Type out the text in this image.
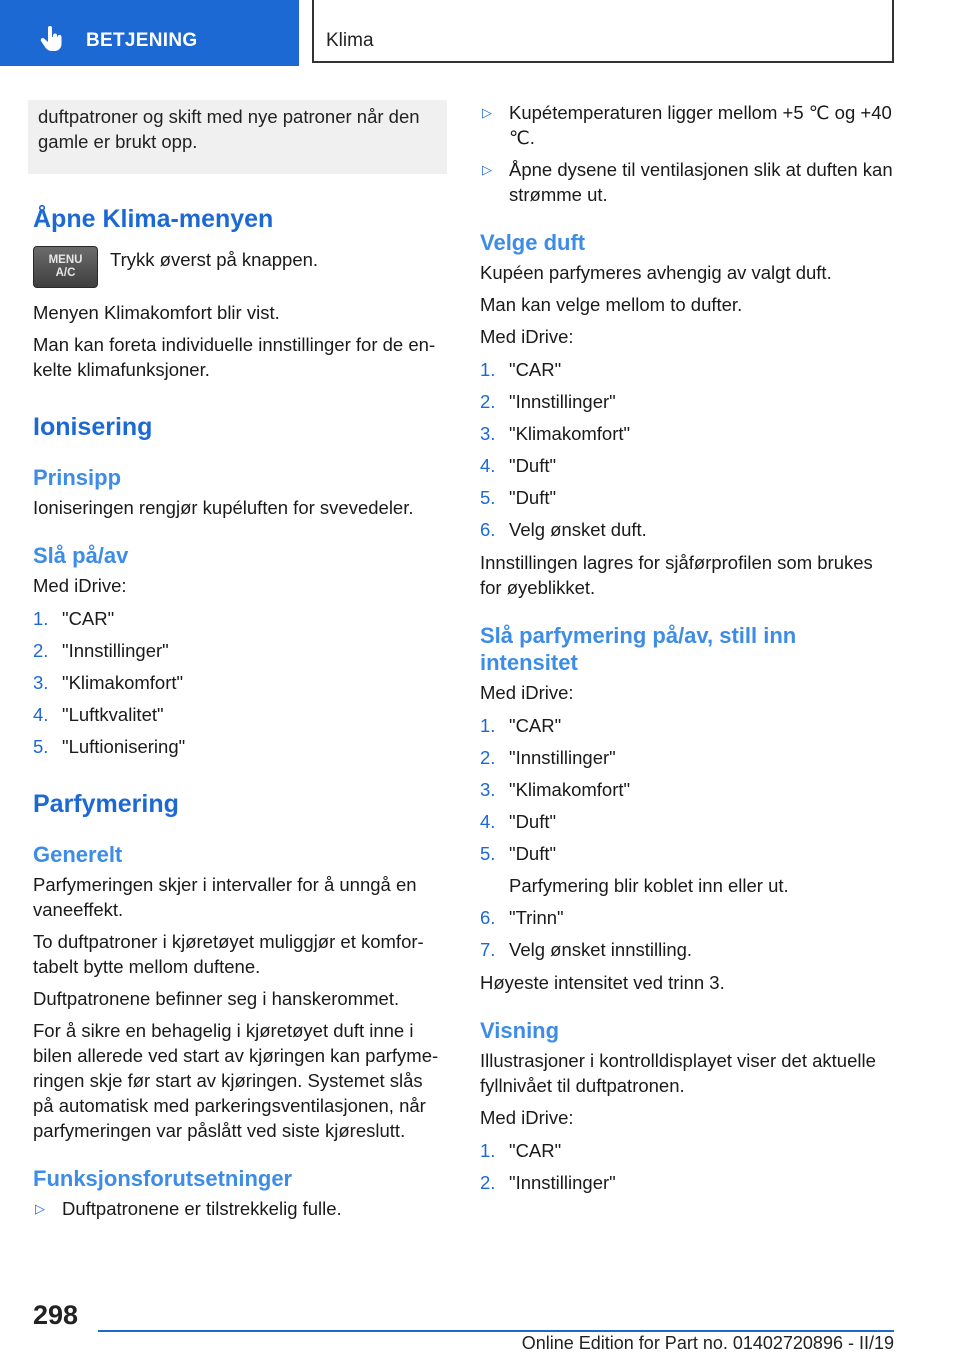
BETJENING	Klima
duftpatroner og skift med nye patroner når den gamle er brukt opp.
Åpne Klima-menyen
MENU
A/C
Trykk øverst på knappen.

Menyen Klimakomfort blir vist.

Man kan foreta individuelle innstillinger for de enkelte klimafunksjoner.

Ionisering
Prinsipp

Ioniseringen rengjør kupéluften for svevedeler.

Slå på/av

Med iDrive:

1. "CAR"
2. "Innstillinger"
3. "Klimakomfort"
4. "Luftkvalitet"
5. "Luftionisering"
Parfymering
Generelt

Parfymeringen skjer i intervaller for å unngå en vaneeffekt.

To duftpatroner i kjøretøyet muliggjør et komfortabelt bytte mellom duftene.

Duftpatronene befinner seg i hanskerommet.

For å sikre en behagelig i kjøretøyet duft inne i bilen allerede ved start av kjøringen kan parfymeringen skje før start av kjøringen. Systemet slås på automatisk med parkeringsventilasjonen, når parfymeringen var påslått ved siste kjøreslutt.

Funksjonsforutsetninger
▷ Duftpatronene er tilstrekkelig fulle.
▷ Kupétemperaturen ligger mellom +5 ℃ og +40 ℃.
▷ Åpne dysene til ventilasjonen slik at duften kan strømme ut.
Velge duft

Kupéen parfymeres avhengig av valgt duft.

Man kan velge mellom to dufter.

Med iDrive:

1. "CAR"
2. "Innstillinger"
3. "Klimakomfort"
4. "Duft"
5. "Duft"
6. Velg ønsket duft.

Innstillingen lagres for sjåførprofilen som brukes for øyeblikket.

Slå parfymering på/av, still inn intensitet

Med iDrive:

1. "CAR"
2. "Innstillinger"
3. "Klimakomfort"
4. "Duft"
5. "Duft"
Parfymering blir koblet inn eller ut.
6. "Trinn"
7. Velg ønsket innstilling.

Høyeste intensitet ved trinn 3.

Visning

Illustrasjoner i kontrolldisplayet viser det aktuelle fyllnivået til duftpatronen.

Med iDrive:

1. "CAR"
2. "Innstillinger"
298
Online Edition for Part no. 01402720896 - II/19
